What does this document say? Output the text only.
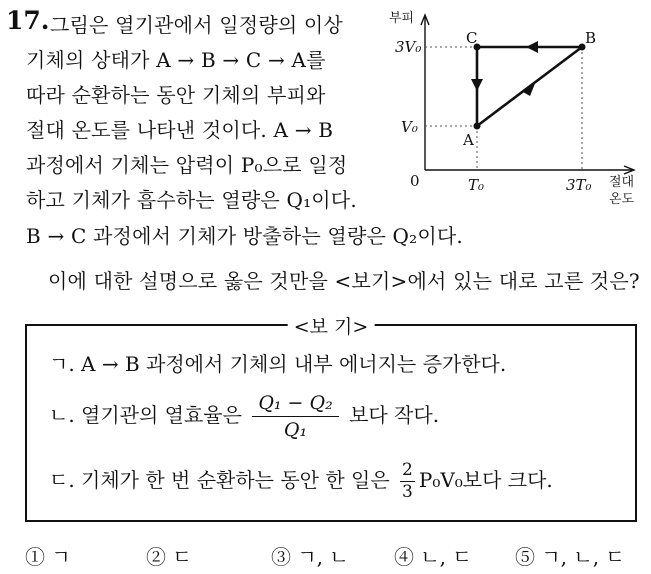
17. 그림은 열기관에서 일정량의 이상
기체의 상태가 A → B → C → A를
따라 순환하는 동안 기체의 부피와
절대 온도를 나타낸 것이다. A → B
과정에서 기체는 압력이 P₀으로 일정
하고 기체가 흡수하는 열량은 Q₁이다.
B → C 과정에서 기체가 방출하는 열량은 Q₂이다.
이에 대한 설명으로 옳은 것만을 <보기>에서 있는 대로 고른 것은?
부피
3V₀
V₀
0	T₀	3T₀ 절대
온도
A
B
C
<보 기>
ㄱ. A → B 과정에서 기체의 내부 에너지는 증가한다.
ㄴ. 열기관의 열효율은 $\frac{\text{Q₁ − Q₂}}{\text{Q₁}}$ 보다 작다.
ㄷ. 기체가 한 번 순환하는 동안 한 일은 $\frac{2}{3} P_0V_0$보다 크다.
① ㄱ	② ㄷ	③ ㄱ, ㄴ ④ ㄴ, ㄷ ⑤ ㄱ, ㄴ, ㄷ
